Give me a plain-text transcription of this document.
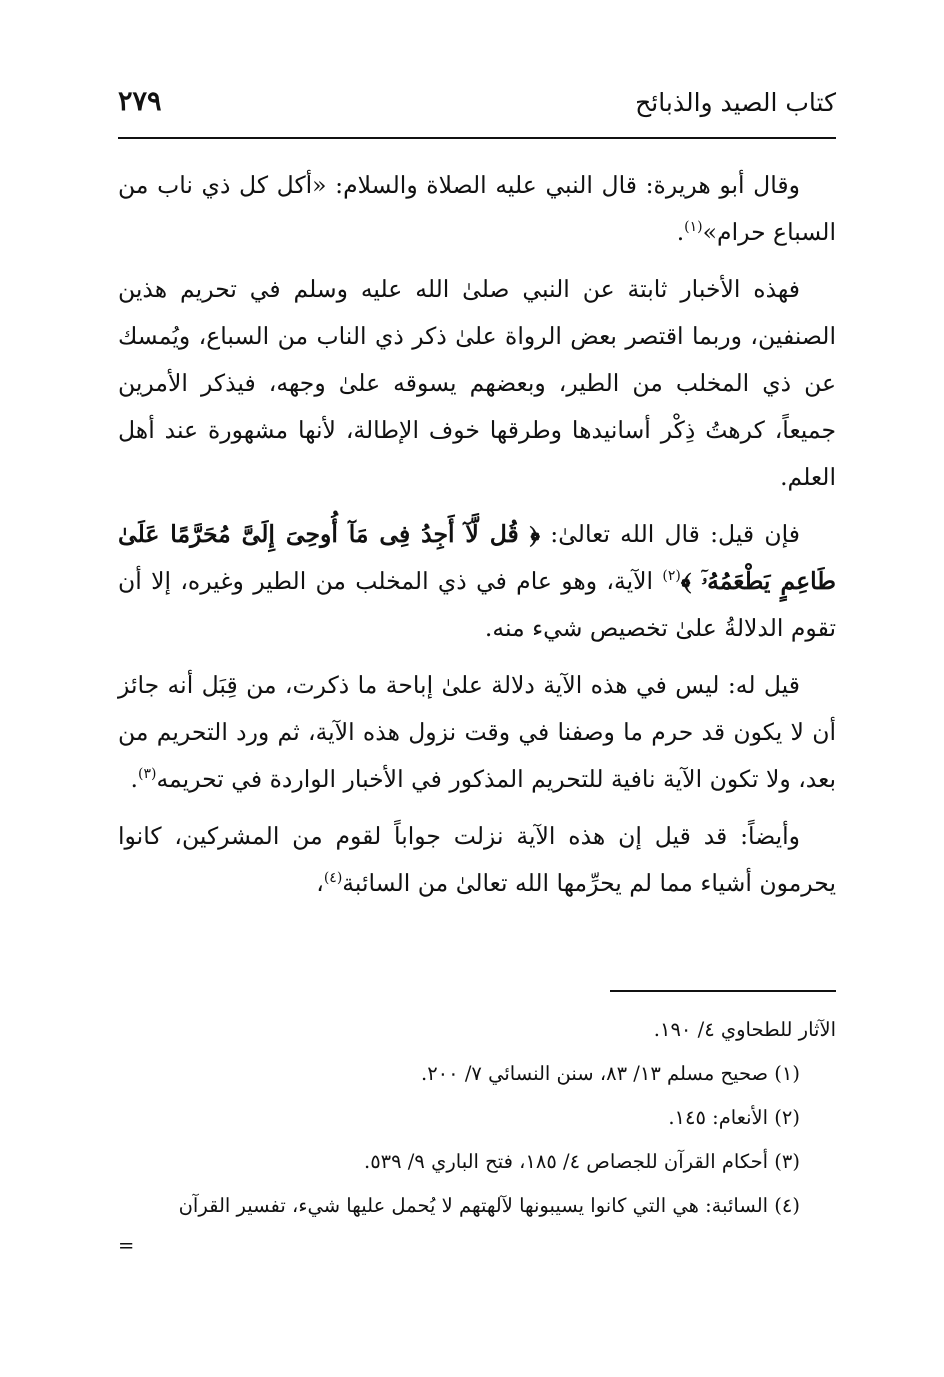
كتاب الصيد والذبائح
٢٧٩

وقال أبو هريرة: قال النبي عليه الصلاة والسلام: «أكل كل ذي ناب من السباع حرام»$^{(١)}$.

فهذه الأخبار ثابتة عن النبي صلىٰ الله عليه وسلم في تحريم هذين الصنفين، وربما اقتصر بعض الرواة علىٰ ذكر ذي الناب من السباع، ويُمسك عن ذي المخلب من الطير، وبعضهم يسوقه علىٰ وجهه، فيذكر الأمرين جميعاً، كرهتُ ذِكْر أسانيدها وطرقها خوف الإطالة، لأنها مشهورة عند أهل العلم.

فإن قيل: قال الله تعالىٰ: ﴿ قُل لَّآ أَجِدُ فِى مَآ أُوحِىَ إِلَىَّ مُحَرَّمًا عَلَىٰ طَاعِمٍ يَطْعَمُهُۥٓ ﴾$^{(٢)}$ الآية، وهو عام في ذي المخلب من الطير وغيره، إلا أن تقوم الدلالةُ علىٰ تخصيص شيء منه.

قيل له: ليس في هذه الآية دلالة علىٰ إباحة ما ذكرت، من قِبَل أنه جائز أن لا يكون قد حرم ما وصفنا في وقت نزول هذه الآية، ثم ورد التحريم من بعد، ولا تكون الآية نافية للتحريم المذكور في الأخبار الواردة في تحريمه$^{(٣)}$.

وأيضاً: قد قيل إن هذه الآية نزلت جواباً لقوم من المشركين، كانوا يحرمون أشياء مما لم يحرِّمها الله تعالىٰ من السائبة$^{(٤)}$،

الآثار للطحاوي ٤/ ١٩٠.

(١) صحيح مسلم ١٣/ ٨٣، سنن النسائي ٧/ ٢٠٠.

(٢) الأنعام: ١٤٥.

(٣) أحكام القرآن للجصاص ٤/ ١٨٥، فتح الباري ٩/ ٥٣٩.

(٤) السائبة: هي التي كانوا يسيبونها لآلهتهم لا يُحمل عليها شيء، تفسير القرآن

=
